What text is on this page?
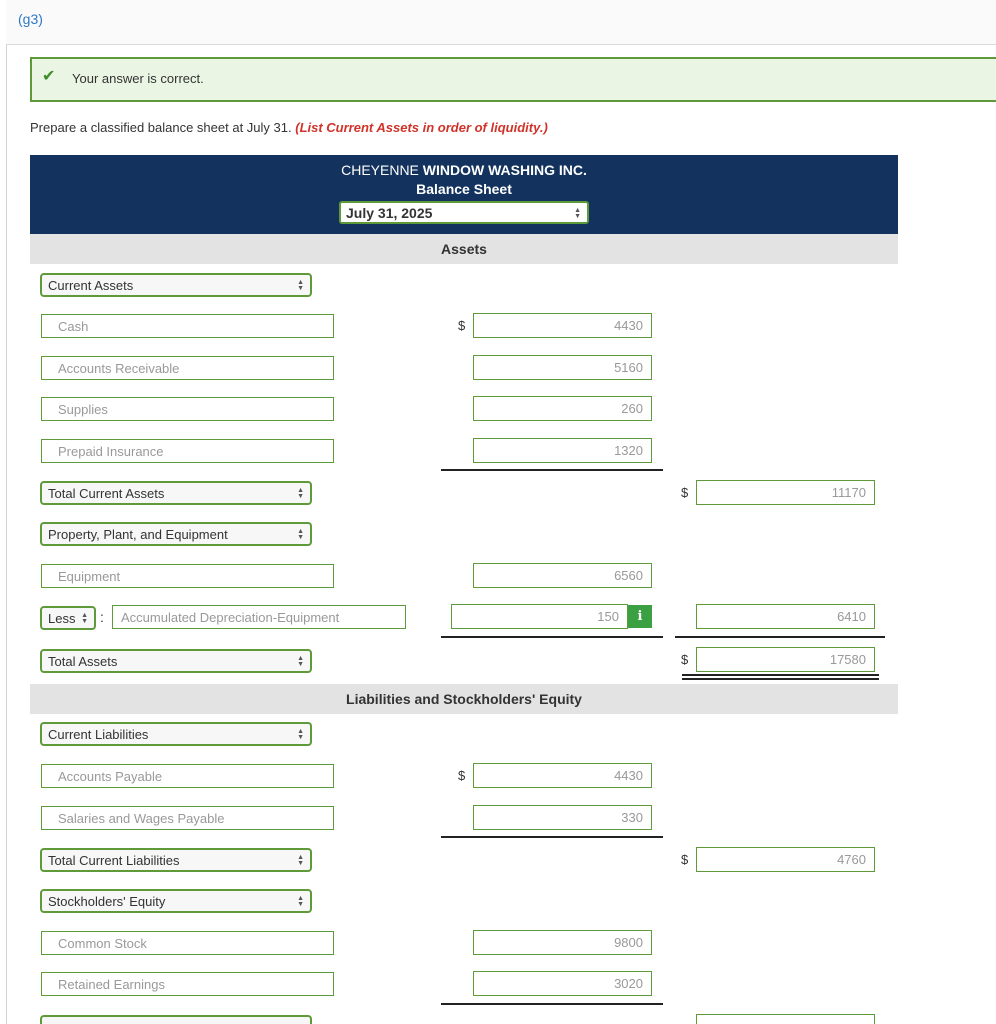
(g3)
✔ Your answer is correct.
Prepare a classified balance sheet at July 31. (List Current Assets in order of liquidity.)
CHEYENNE WINDOW WASHING INC.
Balance Sheet
July 31, 2025	▲
▼
Assets
Current Assets	▲
▼
Cash	$	4430
Accounts Receivable	5160
Supplies	260
Prepaid Insurance	1320
Total Current Assets	▲
▼	$	11170
Property, Plant, and Equipment	▲
▼
Equipment	6560
Less ▲
▼ :	Accumulated Depreciation-Equipment	150	i	6410
Total Assets	▲
▼	$	17580
Liabilities and Stockholders' Equity
Current Liabilities	▲
▼
Accounts Payable	$	4430
Salaries and Wages Payable	330
Total Current Liabilities	▲
▼	$	4760
Stockholders' Equity	▲
▼
Common Stock	9800
Retained Earnings	3020
